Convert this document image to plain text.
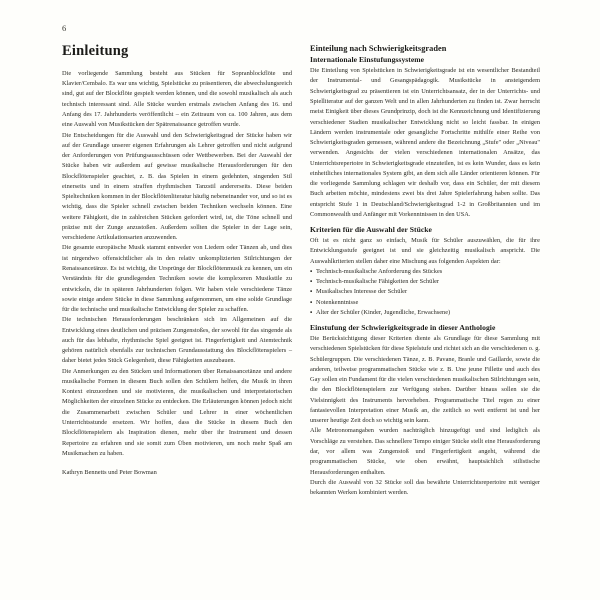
6
Einleitung

Die vorliegende Sammlung besteht aus Stücken für Sopranblockflöte und Klavier/Cembalo. Es war uns wichtig, Spielstücke zu präsentieren, die abwechslungsreich sind, gut auf der Blockflöte gespielt werden können, und die sowohl musikalisch als auch technisch interessant sind. Alle Stücke wurden erstmals zwischen Anfang des 16. und Anfang des 17. Jahrhunderts veröffentlicht – ein Zeitraum von ca. 100 Jahren, aus dem eine Auswahl von Musikstücken der Spätrenaissance getroffen wurde.

Die Entscheidungen für die Auswahl und den Schwierigkeitsgrad der Stücke haben wir auf der Grundlage unserer eigenen Erfahrungen als Lehrer getroffen und nicht aufgrund der Anforderungen von Prüfungsausschüssen oder Wettbewerben. Bei der Auswahl der Stücke haben wir außerdem auf gewisse musikalische Herausforderungen für den Blockflötenspieler geachtet, z. B. das Spielen in einem gedehnten, singenden Stil einerseits und in einem straffen rhythmischen Tanzstil andererseits. Diese beiden Spieltechniken kommen in der Blockflötenliteratur häufig nebeneinander vor, und so ist es wichtig, dass die Spieler schnell zwischen beiden Techniken wechseln können. Eine weitere Fähigkeit, die in zahlreichen Stücken gefordert wird, ist, die Töne schnell und präzise mit der Zunge anzustoßen. Außerdem sollten die Spieler in der Lage sein, verschiedene Artikulationsarten anzuwenden.

Die gesamte europäische Musik stammt entweder von Liedern oder Tänzen ab, und dies ist nirgendwo offensichtlicher als in den relativ unkomplizierten Stilrichtungen der Renaissancetänze. Es ist wichtig, die Ursprünge der Blockflötenmusik zu kennen, um ein Verständnis für die grundlegenden Techniken sowie die komplexeren Musikstile zu entwickeln, die in späteren Jahrhunderten folgen. Wir haben viele verschiedene Tänze sowie einige andere Stücke in diese Sammlung aufgenommen, um eine solide Grundlage für die technische und musikalische Entwicklung der Spieler zu schaffen.

Die technischen Herausforderungen beschränken sich im Allgemeinen auf die Entwicklung eines deutlichen und präzisen Zungenstoßes, der sowohl für das singende als auch für das lebhafte, rhythmische Spiel geeignet ist. Fingerfertigkeit und Atemtechnik gehören natürlich ebenfalls zur technischen Grundausstattung des Blockflötenspielers – daher bietet jedes Stück Gelegenheit, diese Fähigkeiten auszubauen.

Die Anmerkungen zu den Stücken und Informationen über Renaissancetänze und andere musikalische Formen in diesem Buch sollen den Schülern helfen, die Musik in ihren Kontext einzuordnen und sie motivieren, die musikalischen und interpretatorischen Möglichkeiten der einzelnen Stücke zu entdecken. Die Erläuterungen können jedoch nicht die Zusammenarbeit zwischen Schüler und Lehrer in einer wöchentlichen Unterrichtsstunde ersetzen. Wir hoffen, dass die Stücke in diesem Buch den Blockflötenspielern als Inspiration dienen, mehr über ihr Instrument und dessen Repertoire zu erfahren und sie somit zum Üben motivieren, um noch mehr Spaß am Musikmachen zu haben.

Kathryn Bennetts und Peter Bowman

Einteilung nach Schwierigkeitsgraden
Internationale Einstufungssysteme

Die Einteilung von Spielstücken in Schwierigkeitsgrade ist ein wesentlicher Bestandteil der Instrumental- und Gesangspädagogik. Musikstücke in ansteigendem Schwierigkeitsgrad zu präsentieren ist ein Unterrichtsansatz, der in der Unterrichts- und Spielliteratur auf der ganzen Welt und in allen Jahrhunderten zu finden ist. Zwar herrscht meist Einigkeit über dieses Grundprinzip, doch ist die Kennzeichnung und Identifizierung verschiedener Stadien musikalischer Entwicklung nicht so leicht fassbar. In einigen Ländern werden instrumentale oder gesangliche Fortschritte mithilfe einer Reihe von Schwierigkeitsgraden gemessen, während andere die Bezeichnung „Stufe" oder „Niveau" verwenden. Angesichts der vielen verschiedenen internationalen Ansätze, das Unterrichtsrepertoire in Schwierigkeitsgrade einzuteilen, ist es kein Wunder, dass es kein einheitliches internationales System gibt, an dem sich alle Länder orientieren können. Für die vorliegende Sammlung schlagen wir deshalb vor, dass ein Schüler, der mit diesem Buch arbeiten möchte, mindestens zwei bis drei Jahre Spielerfahrung haben sollte. Das entspricht Stufe 1 in Deutschland/Schwierigkeitsgrad 1-2 in Großbritannien und im Commonwealth und Anfänger mit Vorkenntnissen in den USA.

Kriterien für die Auswahl der Stücke

Oft ist es nicht ganz so einfach, Musik für Schüler auszuwählen, die für ihre Entwicklungsstufe geeignet ist und sie gleichzeitig musikalisch anspricht. Die Auswahlkriterien stellen daher eine Mischung aus folgenden Aspekten dar:

▪ Technisch-musikalische Anforderung des Stückes
▪ Technisch-musikalische Fähigkeiten der Schüler
▪ Musikalisches Interesse der Schüler
▪ Notenkenntnisse
▪ Alter der Schüler (Kinder, Jugendliche, Erwachsene)
Einstufung der Schwierigkeitsgrade in dieser Anthologie

Die Berücksichtigung dieser Kriterien diente als Grundlage für diese Sammlung mit verschiedenen Spielstücken für diese Spielstufe und richtet sich an die verschiedenen o. g. Schülergruppen. Die verschiedenen Tänze, z. B. Pavane, Branle und Gaillarde, sowie die anderen, teilweise programmatischen Stücke wie z. B. Une jeune Fillette und auch des Gay sollen ein Fundament für die vielen verschiedenen musikalischen Stilrichtungen sein, die den Blockflötenspielern zur Verfügung stehen. Darüber hinaus sollen sie die Vielsinnigkeit des Instruments hervorheben. Programmatische Titel regen zu einer fantasievollen Interpretation einer Musik an, die zeitlich so weit entfernt ist und her unserer heutige Zeit doch so wichtig sein kann.

Alle Metronomangaben wurden nachträglich hinzugefügt und sind lediglich als Vorschläge zu verstehen. Das schnellere Tempo einiger Stücke stellt eine Herausforderung dar, vor allem was Zungenstoß und Fingerfertigkeit angeht, während die programmatischen Stücke, wie oben erwähnt, hauptsächlich stilistische Herausforderungen enthalten.

Durch die Auswahl von 32 Stücke soll das bewährte Unterrichtsrepertoire mit weniger bekannten Werken kombiniert werden.
